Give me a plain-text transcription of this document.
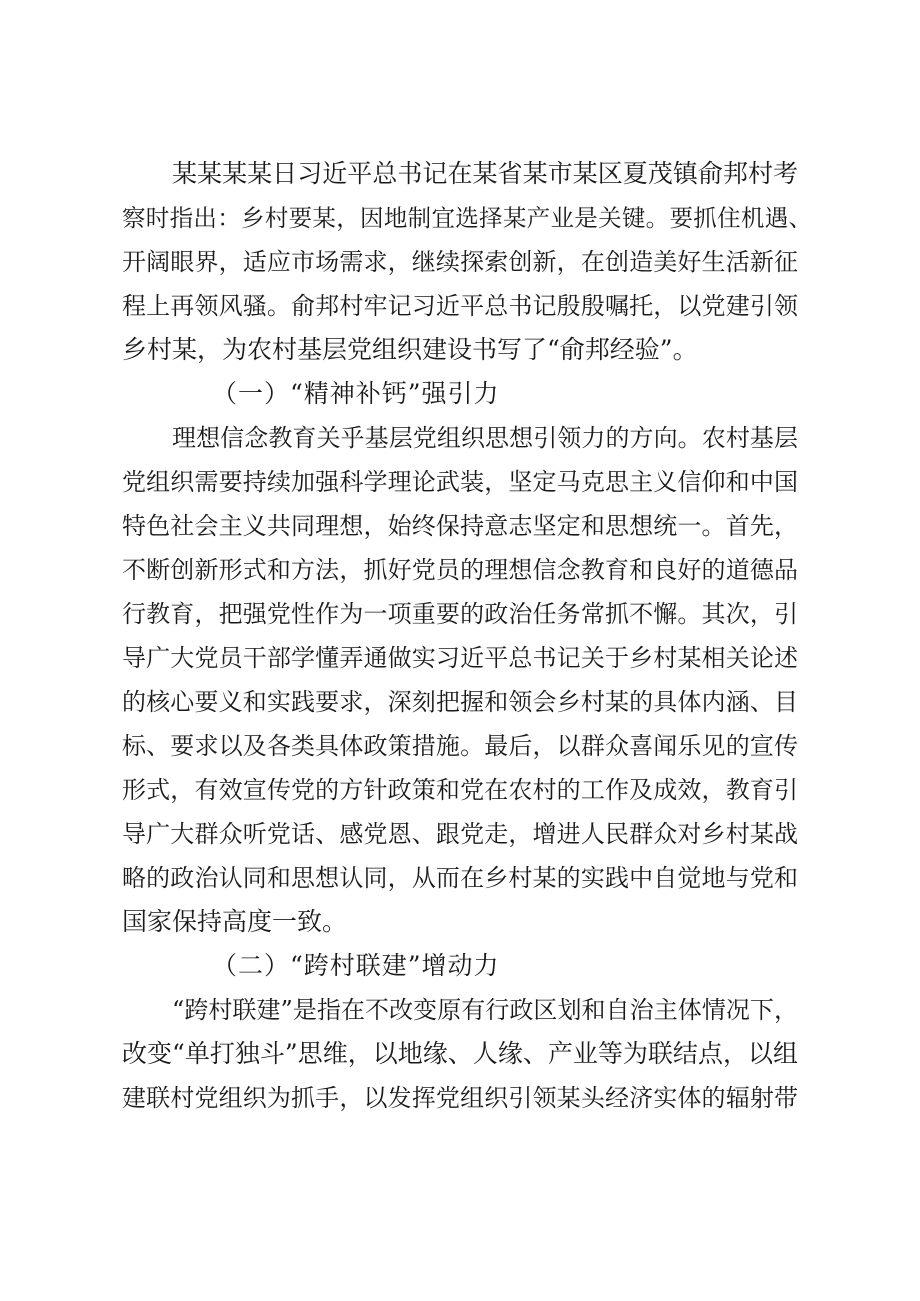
某某某某日习近平总书记在某省某市某区夏茂镇俞邦村考

察时指出：乡村要某，因地制宜选择某产业是关键。要抓住机遇、

开阔眼界，适应市场需求，继续探索创新，在创造美好生活新征

程上再领风骚。俞邦村牢记习近平总书记殷殷嘱托，以党建引领

乡村某，为农村基层党组织建设书写了“俞邦经验”。

（一）“精神补钙”强引力

理想信念教育关乎基层党组织思想引领力的方向。农村基层

党组织需要持续加强科学理论武装，坚定马克思主义信仰和中国

特色社会主义共同理想，始终保持意志坚定和思想统一。首先，

不断创新形式和方法，抓好党员的理想信念教育和良好的道德品

行教育，把强党性作为一项重要的政治任务常抓不懈。其次，引

导广大党员干部学懂弄通做实习近平总书记关于乡村某相关论述

的核心要义和实践要求，深刻把握和领会乡村某的具体内涵、目

标、要求以及各类具体政策措施。最后，以群众喜闻乐见的宣传

形式，有效宣传党的方针政策和党在农村的工作及成效，教育引

导广大群众听党话、感党恩、跟党走，增进人民群众对乡村某战

略的政治认同和思想认同，从而在乡村某的实践中自觉地与党和

国家保持高度一致。

（二）“跨村联建”增动力

“跨村联建”是指在不改变原有行政区划和自治主体情况下，

改变“单打独斗”思维，以地缘、人缘、产业等为联结点，以组

建联村党组织为抓手，以发挥党组织引领某头经济实体的辐射带
